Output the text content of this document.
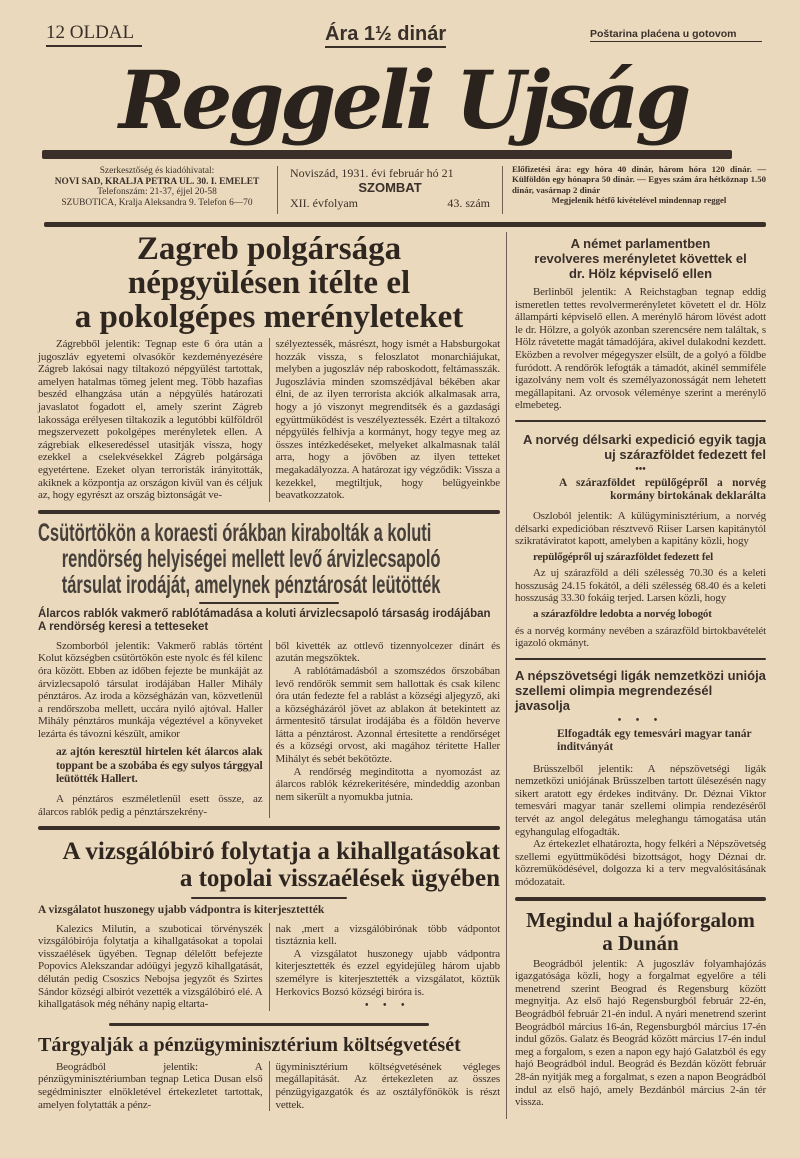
12 OLDAL	Ára 1½ dinár	Poštarina plaćena u gotovom
Reggeli Ujság
Szerkesztőség és kiadóhivatal:
NOVI SAD, KRALJA PETRA UL. 30. I. EMELET
Telefonszám: 21-37, éjjel 20-58
SZUBOTICA, Kralja Aleksandra 9. Telefon 6—70
Noviszád, 1931. évi február hó 21
SZOMBAT
XII. évfolyam	43. szám
Előfizetési ára: egy hóra 40 dinár, három hóra 120 dinár. — Külföldön egy hónapra 50 dinár. — Egyes szám ára hétköznap 1.50 dinár, vasárnap 2 dinár
Megjelenik hétfő kivételével mindennap reggel
Zagreb polgársága
népgyülésen itélte el
a pokolgépes merényleteket

Zágrebből jelentik: Tegnap este 6 óra után a jugoszláv egyetemi olvasókör kezdeményezésére Zágreb lakósai nagy tiltakozó népgyülést tartottak, amelyen hatalmas tömeg jelent meg. Több hazafias beszéd elhangzása után a népgyülés határozati javaslatot fogadott el, amely szerint Zágreb lakossága erélyesen tiltakozik a legutóbbi külföldről megszervezett pokolgépes merényletek ellen. A zágrebiak elkeseredéssel utasitják vissza, hogy ezekkel a cselekvésekkel Zágreb polgársága egyetértene. Ezeket olyan terroristák irányitották, akiknek a központja az országon kivül van és céljuk az, hogy egyrészt az ország biztonságát ve-

szélyeztessék, másrészt, hogy ismét a Habsburgokat hozzák vissza, s feloszlatot monarchiájukat, melyben a jugoszláv nép raboskodott, feltámasszák. Jugoszlávia minden szomszédjával békében akar élni, de az ilyen terrorista akciók alkalmasak arra, hogy a jó viszonyt megrenditsék és a gazdasági együttmüködést is veszélyeztessék. Ezért a tiltakozó népgyülés felhivja a kormányt, hogy tegye meg az összes intézkedéseket, melyeket alkalmasnak talál arra, hogy a jövőben az ilyen tetteket megakadályozza. A határozat igy végződik: Vissza a kezekkel, megtiltjuk, hogy belügyeinkbe beavatkozzatok.

Csütörtökön a koraesti órákban kirabolták a koluti
rendörség helyiségei mellett levő árvizlecsapoló
társulat irodáját, amelynek pénztárosát leütötték
Álarcos rablók vakmerő rablótámadása a koluti árvizlecsapoló társaság irodájában
A rendörség keresi a tetteseket

Szomborból jelentik: Vakmerő rablás történt Kolut községben csütörtökön este nyolc és fél kilenc óra között. Ebben az időben fejezte be munkáját az árvizlecsapoló társulat irodájában Haller Mihály pénztáros. Az iroda a községházán van, közvetlenül a rendőrszoba mellett, uccára nyiló ajtóval. Haller Mihály pénztáros munkája végeztével a könyveket lezárta és távozni készült, amikor

az ajtón keresztül hirtelen két álarcos alak toppant be a szobába és egy sulyos tárggyal leütötték Hallert.

A pénztáros eszméletlenül esett össze, az álarcos rablók pedig a pénztárszekrény-

ből kivették az ottlevő tizennyolcezer dinárt és azután megszöktek.

A rablótámadásból a szomszédos őrszobában levő rendőrök semmit sem hallottak és csak kilenc óra után fedezte fel a rablást a községi aljegyző, aki a községházáról jövet az ablakon át betekintett az ármentesitő társulat irodájába és a földön heverve látta a pénztárost. Azonnal értesitette a rendőrséget és a községi orvost, aki magához téritette Haller Mihályt és sebét bekötözte.

A rendőrség meginditotta a nyomozást az álarcos rablók kézrekeritésére, mindeddig azonban nem sikerült a nyomukba jutnia.

A vizsgálóbiró folytatja a kihallgatásokat
a topolai visszaélések ügyében
A vizsgálatot huszonegy ujabb vádpontra is kiterjesztették

Kalezics Milutin, a szuboticai törvényszék vizsgálóbirója folytatja a kihallgatásokat a topolai visszaélések ügyében. Tegnap délelőtt befejezte Popovics Alekszandar adóügyi jegyző kihallgatását, délután pedig Csoszics Nebojsa jegyzőt és Szirtes Sándor községi albirót vezették a vizsgálóbiró elé. A kihallgatások még néhány napig eltarta-

nak ,mert a vizsgálóbirónak több vádpontot tisztáznia kell.

A vizsgálatot huszonegy ujabb vádpontra kiterjesztették és ezzel egyidejüleg három ujabb személyre is kiterjesztették a vizsgálatot, köztük Herkovics Bozsó községi biróra is.

• • •
Tárgyalják a pénzügyminisztérium költségvetését

Beográdból jelentik: A pénzügyminisztériumban tegnap Letica Dusan első segédminiszter elnökletével értekezletet tartottak, amelyen folytatták a pénz-

ügyminisztérium költségvetésének végleges megállapitását. Az értekezleten az összes pénzügyigazgatók és az osztályfőnökök is részt vettek.

A német parlamentben
revolveres merényletet követtek el
dr. Hölz képviselő ellen

Berlinből jelentik: A Reichstagban tegnap eddig ismeretlen tettes revolvermerényletet követett el dr. Hölz állampárti képviselő ellen. A merénylő három lövést adott le dr. Hölzre, a golyók azonban szerencsére nem találtak, s Hölz rávetette magát támadójára, akivel dulakodni kezdett. Eközben a revolver mégegyszer elsült, de a golyó a földbe furódott. A rendőrök lefogták a támadót, akinél semmiféle igazolvány nem volt és személyazonosságát nem lehetett megállapitani. Az orvosok véleménye szerint a merénylő elmebeteg.

A norvég délsarki expedició egyik tagja
uj szárazföldet fedezett fel
•••
A szárazföldet repülőgépről a norvég kormány birtokának deklarálta

Oszloból jelentik: A külügyminisztérium, a norvég délsarki expedicióban résztvevő Riiser Larsen kapitánytól szikratáviratot kapott, amelyben a kapitány közli, hogy

repülőgépről uj szárazföldet fedezett fel

Az uj szárazföld a déli szélesség 70.30 és a keleti hosszuság 24.15 fokától, a déli szélesség 68.40 és a keleti hosszuság 33.30 fokáig terjed. Larsen közli, hogy

a szárazföldre ledobta a norvég lobogót

és a norvég kormány nevében a szárazföld birtokbavételét igazoló okmányt.

A népszövetségi ligák nemzetközi uniója
szellemi olimpia megrendezésél javasolja
• • •
Elfogadták egy temesvári magyar tanár inditványát

Brüsszelből jelentik: A népszövetségi ligák nemzetközi uniójának Brüsszelben tartott ülésezésén nagy sikert aratott egy érdekes inditvány. Dr. Déznai Viktor temesvári magyar tanár szellemi olimpia rendezéséről tervét az angol delegátus meleghangu támogatása után egyhangulag elfogadták.

Az értekezlet elhatározta, hogy felkéri a Népszövetség szellemi együttmüködési bizottságot, hogy Déznai dr. közremüködésével, dolgozza ki a terv megvalósitásának módozatait.

Megindul a hajóforgalom
a Dunán

Beográdból jelentik: A jugoszláv folyamhajózás igazgatósága közli, hogy a forgalmat egyelőre a téli menetrend szerint Beograd és Regensburg között megnyitja. Az első hajó Regensburgból február 22-én, Beográdból február 21-én indul. A nyári menetrend szerint Beográdból március 16-án, Regensburgból március 17-én indul gőzös. Galatz és Beográd között március 17-én indul meg a forgalom, s ezen a napon egy hajó Galatzból és egy hajó Beográdból indul. Beográd és Bezdán között február 28-án nyitják meg a forgalmat, s ezen a napon Beográdból indul az első hajó, amely Bezdánból március 2-án tér vissza.
